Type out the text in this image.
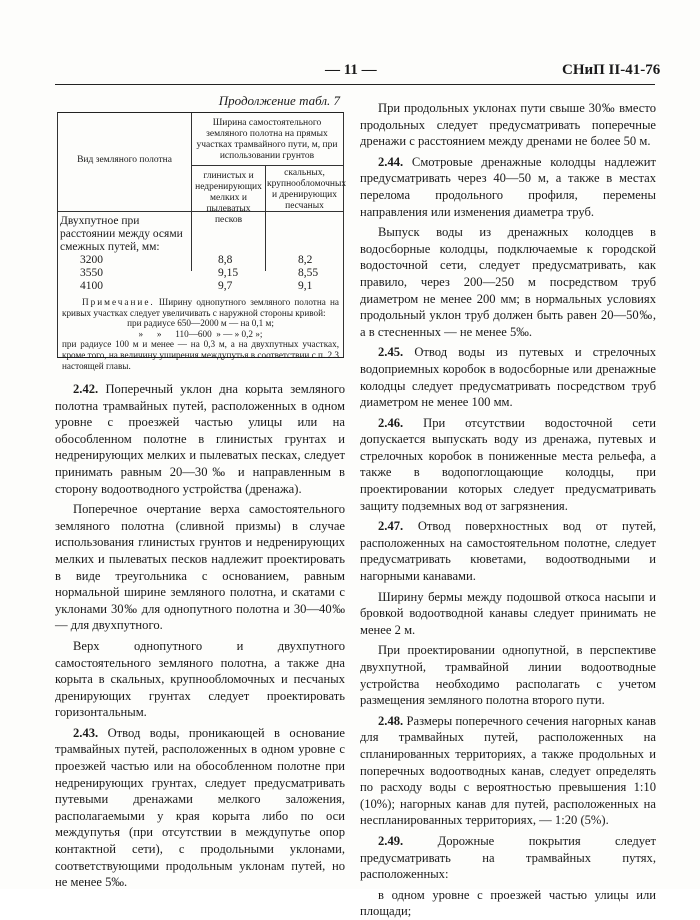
— 11 —	СНиП II-41-76
Продолжение табл. 7
Вид земляного полотна
Ширина самостоятельного земляного полотна на прямых участках трамвайного пути, м, при использовании грунтов
глинистых и недренирующих мелких и пылеватых песков
скальных, крупнообломочных и дренирующих песчаных
Двухпутное при расстоянии между осями смежных путей, мм:
3200
3550
4100
8,8
9,15
9,7
8,2
8,55
9,1
Примечание. Ширину однопутного земляного полотна на кривых участках следует увеличивать с наружной стороны кривой:
при радиусе 650—2000 м — на 0,1 м;
»      »      110—600  » — » 0,2 »;
при радиусе 100 м и менее — на 0,3 м, а на двухпутных участках, кроме того, на величину уширения междупутья в соответствии с п. 2.3 настоящей главы.

2.42. Поперечный уклон дна корыта земляного полотна трамвайных путей, расположенных в одном уровне с проезжей частью улицы или на обособленном полотне в глинистых грунтах и недренирующих мелких и пылеватых песках, следует принимать равным 20—30‰ и направленным в сторону водоотводного устройства (дренажа).

Поперечное очертание верха самостоятельного земляного полотна (сливной призмы) в случае использования глинистых грунтов и недренирующих мелких и пылеватых песков надлежит проектировать в виде треугольника с основанием, равным нормальной ширине земляного полотна, и скатами с уклонами 30‰ для однопутного полотна и 30—40‰ — для двухпутного.

Верх однопутного и двухпутного самостоятельного земляного полотна, а также дна корыта в скальных, крупнообломочных и песчаных дренирующих грунтах следует проектировать горизонтальным.

2.43. Отвод воды, проникающей в основание трамвайных путей, расположенных в одном уровне с проезжей частью или на обособленном полотне при недренирующих грунтах, следует предусматривать путевыми дренажами мелкого заложения, располагаемыми у края корыта либо по оси междупутья (при отсутствии в междупутье опор контактной сети), с продольными уклонами, соответствующими продольным уклонам путей, но не менее 5‰.

При продольных уклонах пути свыше 30‰ вместо продольных следует предусматривать поперечные дренажи с расстоянием между дренами не более 50 м.

2.44. Смотровые дренажные колодцы надлежит предусматривать через 40—50 м, а также в местах перелома продольного профиля, перемены направления или изменения диаметра труб.

Выпуск воды из дренажных колодцев в водосборные колодцы, подключаемые к городской водосточной сети, следует предусматривать, как правило, через 200—250 м посредством труб диаметром не менее 200 мм; в нормальных условиях продольный уклон труб должен быть равен 20—50‰, а в стесненных — не менее 5‰.

2.45. Отвод воды из путевых и стрелочных водоприемных коробок в водосборные или дренажные колодцы следует предусматривать посредством труб диаметром не менее 100 мм.

2.46. При отсутствии водосточной сети допускается выпускать воду из дренажа, путевых и стрелочных коробок в пониженные места рельефа, а также в водопоглощающие колодцы, при проектировании которых следует предусматривать защиту подземных вод от загрязнения.

2.47. Отвод поверхностных вод от путей, расположенных на самостоятельном полотне, следует предусматривать кюветами, водоотводными и нагорными канавами.

Ширину бермы между подошвой откоса насыпи и бровкой водоотводной канавы следует принимать не менее 2 м.

При проектировании однопутной, в перспективе двухпутной, трамвайной линии водоотводные устройства необходимо располагать с учетом размещения земляного полотна второго пути.

2.48. Размеры поперечного сечения нагорных канав для трамвайных путей, расположенных на спланированных территориях, а также продольных и поперечных водоотводных канав, следует определять по расходу воды с вероятностью превышения 1:10 (10%); нагорных канав для путей, расположенных на неспланированных территориях, — 1:20 (5%).

2.49.	Дорожные покрытия следует предусматривать на трамвайных путях, расположенных:

в одном уровне с проезжей частью улицы или площади;
